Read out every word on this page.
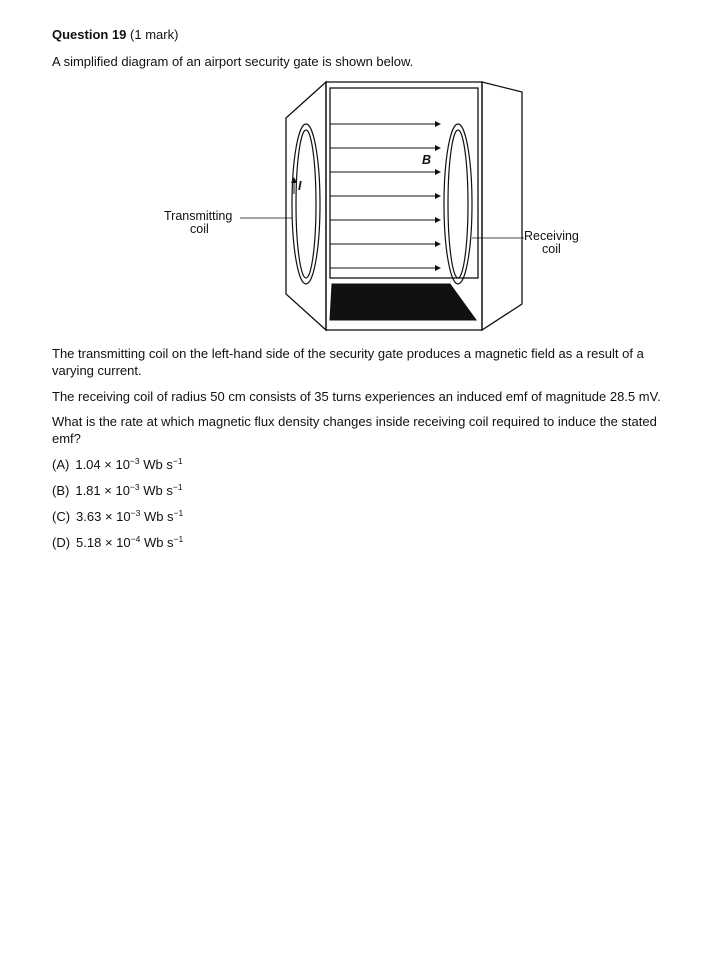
Question 19 (1 mark)
A simplified diagram of an airport security gate is shown below.
I
B
Transmitting
coil	Receiving
coil
The transmitting coil on the left-hand side of the security gate produces a magnetic field as a result of a varying current.
The receiving coil of radius 50 cm consists of 35 turns experiences an induced emf of magnitude 28.5 mV.
What is the rate at which magnetic flux density changes inside receiving coil required to induce the stated emf?
(A) $1.04 \times 10^{-3}$ Wb $s^{-1}$
(B) $1.81 \times 10^{-3}$ Wb $s^{-1}$
(C) $3.63 \times 10^{-3}$ Wb $s^{-1}$
(D) $5.18 \times 10^{-4}$ Wb $s^{-1}$
